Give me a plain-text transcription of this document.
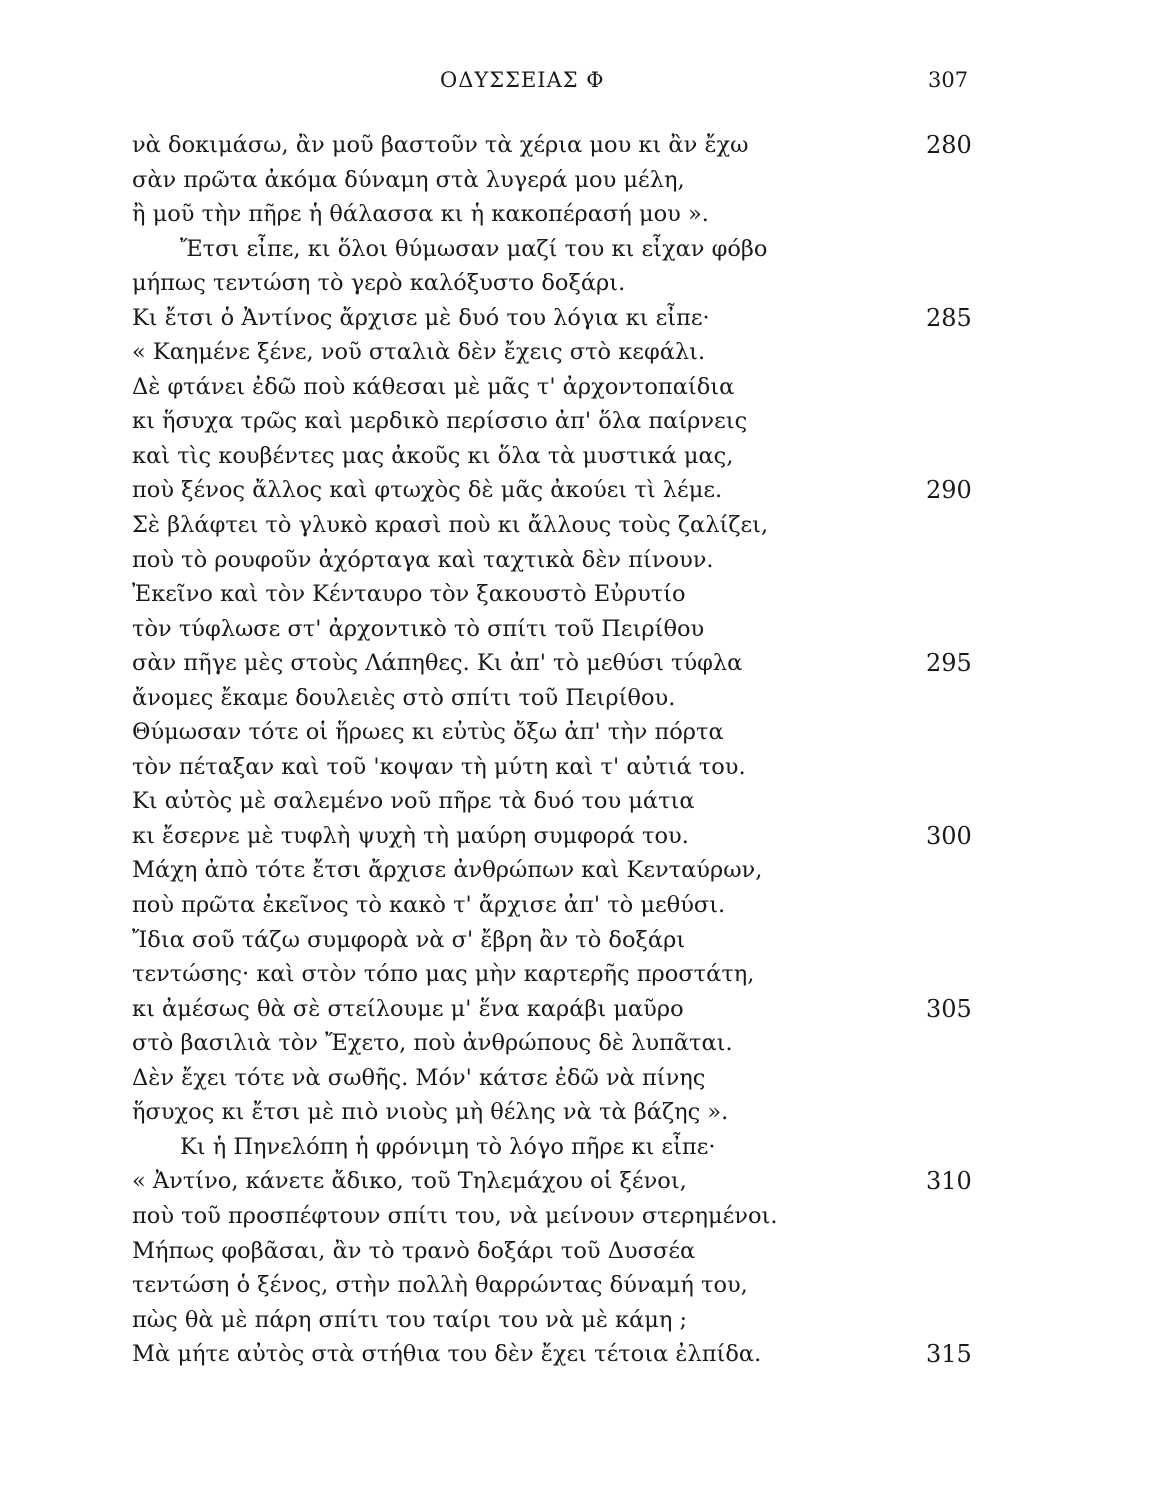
ΟΔΥΣΣΕΙΑΣ Φ	307
νὰ δοκιμάσω, ἂν μοῦ βαστοῦν τὰ χέρια μου κι ἂν ἔχω	280
σὰν πρῶτα ἀκόμα δύναμη στὰ λυγερά μου μέλη,
ἢ μοῦ τὴν πῆρε ἡ θάλασσα κι ἡ κακοπέρασή μου ».
Ἔτσι εἶπε, κι ὅλοι θύμωσαν μαζί του κι εἶχαν φόβο
μήπως τεντώση τὸ γερὸ καλόξυστο δοξάρι.
Κι ἔτσι ὁ Ἀντίνος ἄρχισε μὲ δυό του λόγια κι εἶπε·	285
« Καημένε ξένε, νοῦ σταλιὰ δὲν ἔχεις στὸ κεφάλι.
Δὲ φτάνει ἐδῶ ποὺ κάθεσαι μὲ μᾶς τ' ἀρχοντοπαίδια
κι ἥσυχα τρῶς καὶ μερδικὸ περίσσιο ἀπ' ὅλα παίρνεις
καὶ τὶς κουβέντες μας ἀκοῦς κι ὅλα τὰ μυστικά μας,
ποὺ ξένος ἄλλος καὶ φτωχὸς δὲ μᾶς ἀκούει τὶ λέμε.	290
Σὲ βλάφτει τὸ γλυκὸ κρασὶ ποὺ κι ἄλλους τοὺς ζαλίζει,
ποὺ τὸ ρουφοῦν ἀχόρταγα καὶ ταχτικὰ δὲν πίνουν.
Ἐκεῖνο καὶ τὸν Κένταυρο τὸν ξακουστὸ Εὐρυτίο
τὸν τύφλωσε στ' ἀρχοντικὸ τὸ σπίτι τοῦ Πειρίθου
σὰν πῆγε μὲς στοὺς Λάπηθες. Κι ἀπ' τὸ μεθύσι τύφλα	295
ἄνομες ἔκαμε δουλειὲς στὸ σπίτι τοῦ Πειρίθου.
Θύμωσαν τότε οἱ ἥρωες κι εὐτὺς ὄξω ἀπ' τὴν πόρτα
τὸν πέταξαν καὶ τοῦ 'κοψαν τὴ μύτη καὶ τ' αὐτιά του.
Κι αὐτὸς μὲ σαλεμένο νοῦ πῆρε τὰ δυό του μάτια
κι ἔσερνε μὲ τυφλὴ ψυχὴ τὴ μαύρη συμφορά του.	300
Μάχη ἀπὸ τότε ἔτσι ἄρχισε ἀνθρώπων καὶ Κενταύρων,
ποὺ πρῶτα ἐκεῖνος τὸ κακὸ τ' ἄρχισε ἀπ' τὸ μεθύσι.
Ἴδια σοῦ τάζω συμφορὰ νὰ σ' ἔβρη ἂν τὸ δοξάρι
τεντώσης· καὶ στὸν τόπο μας μὴν καρτερῆς προστάτη,
κι ἀμέσως θὰ σὲ στείλουμε μ' ἕνα καράβι μαῦρο	305
στὸ βασιλιὰ τὸν Ἔχετο, ποὺ ἀνθρώπους δὲ λυπᾶται.
Δὲν ἔχει τότε νὰ σωθῆς. Μόν' κάτσε ἐδῶ νὰ πίνης
ἥσυχος κι ἔτσι μὲ πιὸ νιοὺς μὴ θέλης νὰ τὰ βάζης ».
Κι ἡ Πηνελόπη ἡ φρόνιμη τὸ λόγο πῆρε κι εἶπε·
« Ἀντίνο, κάνετε ἄδικο, τοῦ Τηλεμάχου οἱ ξένοι,	310
ποὺ τοῦ προσπέφτουν σπίτι του, νὰ μείνουν στερημένοι.
Μήπως φοβᾶσαι, ἂν τὸ τρανὸ δοξάρι τοῦ Δυσσέα
τεντώση ὁ ξένος, στὴν πολλὴ θαρρώντας δύναμή του,
πὼς θὰ μὲ πάρη σπίτι του ταίρι του νὰ μὲ κάμη ;
Μὰ μήτε αὐτὸς στὰ στήθια του δὲν ἔχει τέτοια ἐλπίδα.	315
